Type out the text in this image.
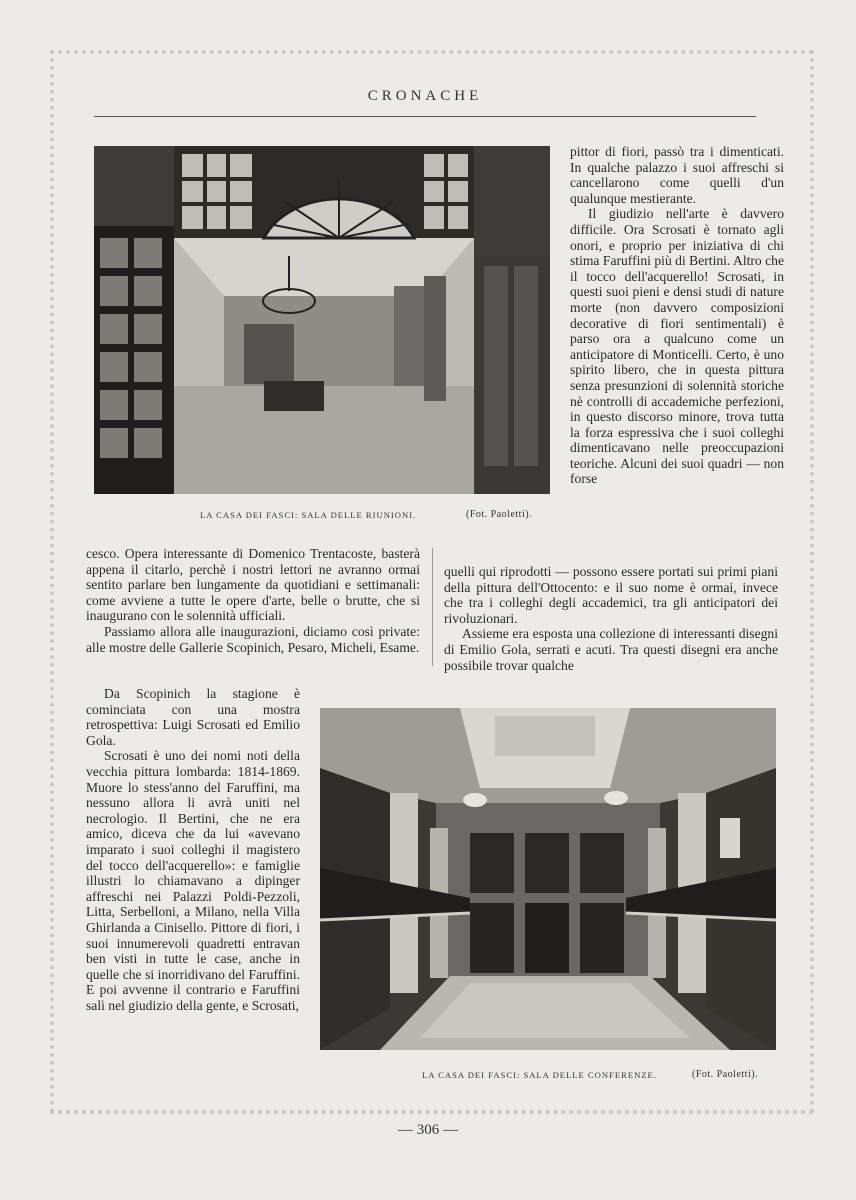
CRONACHE
LA CASA DEI FASCI: SALA DELLE RIUNIONI.	(Fot. Paoletti).

pittor di fiori, passò tra i dimenticati. In qualche palazzo i suoi affreschi si cancellarono come quelli d'un qualunque mestierante.

Il giudizio nell'arte è davvero difficile. Ora Scrosati è tornato agli onori, e proprio per iniziativa di chi stima Faruffini più di Bertini. Altro che il tocco dell'acquerello! Scrosati, in questi suoi pieni e densi studi di nature morte (non davvero composizioni decorative di fiori sentimentali) è parso ora a qualcuno come un anticipatore di Monticelli. Certo, è uno spirito libero, che in questa pittura senza presunzioni di solennità storiche nè controlli di accademiche perfezioni, in questo discorso minore, trova tutta la forza espressiva che i suoi colleghi dimenticavano nelle preoccupazioni teoriche. Alcuni dei suoi quadri — non forse

cesco. Opera interessante di Domenico Trentacoste, basterà appena il citarlo, perchè i nostri lettori ne avranno ormai sentito parlare ben lungamente da quotidiani e settimanali: come avviene a tutte le opere d'arte, belle o brutte, che si inaugurano con le solennità ufficiali.

Passiamo allora alle inaugurazioni, diciamo così private: alle mostre delle Gallerie Scopinich, Pesaro, Micheli, Esame.

quelli qui riprodotti — possono essere portati sui primi piani della pittura dell'Ottocento: e il suo nome è ormai, invece che tra i colleghi degli accademici, tra gli anticipatori dei rivoluzionari.

Assieme era esposta una collezione di interessanti disegni di Emilio Gola, serrati e acuti. Tra questi disegni era anche possibile trovar qualche

Da Scopinich la stagione è cominciata con una mostra retrospettiva: Luigi Scrosati ed Emilio Gola.

Scrosati è uno dei nomi noti della vecchia pittura lombarda: 1814-1869. Muore lo stess'anno del Faruffini, ma nessuno allora li avrà uniti nel necrologio. Il Bertini, che ne era amico, diceva che da lui «avevano imparato i suoi colleghi il magistero del tocco dell'acquerello»: e famiglie illustri lo chiamavano a dipinger affreschi nei Palazzi Poldi-Pezzoli, Litta, Serbelloni, a Milano, nella Villa Ghirlanda a Cinisello. Pittore di fiori, i suoi innumerevoli quadretti entravan ben visti in tutte le case, anche in quelle che si inorridivano del Faruffini. E poi avvenne il contrario e Faruffini salì nel giudizio della gente, e Scrosati,

LA CASA DEI FASCI: SALA DELLE CONFERENZE.	(Fot. Paoletti).
— 306 —
